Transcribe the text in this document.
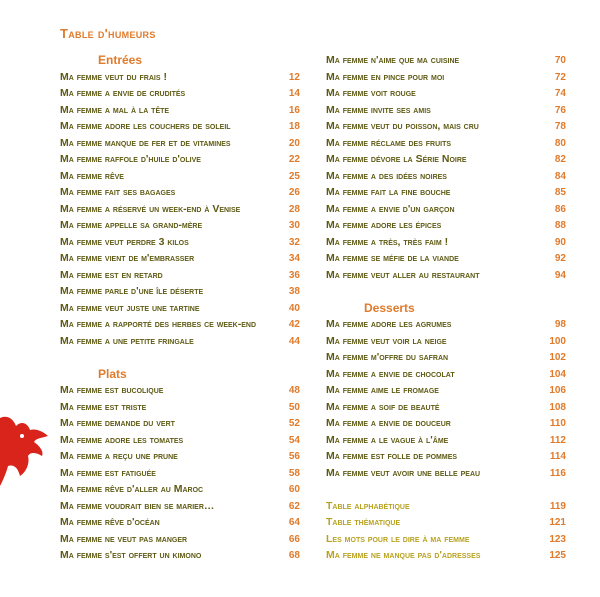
Table d'humeurs
Entrées
Ma femme veut du frais !	12
Ma femme a envie de crudités	14
Ma femme a mal à la tête	16
Ma femme adore les couchers de soleil	18
Ma femme manque de fer et de vitamines	20
Ma femme raffole d'huile d'olive	22
Ma femme rêve	25
Ma femme fait ses bagages	26
Ma femme a réservé un week-end à Venise	28
Ma femme appelle sa grand-mère	30
Ma femme veut perdre 3 kilos	32
Ma femme vient de m'embrasser	34
Ma femme est en retard	36
Ma femme parle d'une île déserte	38
Ma femme veut juste une tartine	40
Ma femme a rapporté des herbes ce week-end	42
Ma femme a une petite fringale	44
Plats
Ma femme est bucolique	48
Ma femme est triste	50
Ma femme demande du vert	52
Ma femme adore les tomates	54
Ma femme a reçu une prune	56
Ma femme est fatiguée	58
Ma femme rêve d'aller au Maroc	60
Ma femme voudrait bien se marier…	62
Ma femme rêve d'océan	64
Ma femme ne veut pas manger	66
Ma femme s'est offert un kimono	68
Ma femme n'aime que ma cuisine	70
Ma femme en pince pour moi	72
Ma femme voit rouge	74
Ma femme invite ses amis	76
Ma femme veut du poisson, mais cru	78
Ma femme réclame des fruits	80
Ma femme dévore la Série Noire	82
Ma femme a des idées noires	84
Ma femme fait la fine bouche	85
Ma femme a envie d'un garçon	86
Ma femme adore les épices	88
Ma femme a très, très faim !	90
Ma femme se méfie de la viande	92
Ma femme veut aller au restaurant	94
Desserts
Ma femme adore les agrumes	98
Ma femme veut voir la neige	100
Ma femme m'offre du safran	102
Ma femme a envie de chocolat	104
Ma femme aime le fromage	106
Ma femme a soif de beauté	108
Ma femme a envie de douceur	110
Ma femme a le vague à l'âme	112
Ma femme est folle de pommes	114
Ma femme veut avoir une belle peau	116
Table alphabétique	119
Table thématique	121
Les mots pour le dire à ma femme	123
Ma femme ne manque pas d'adresses	125
